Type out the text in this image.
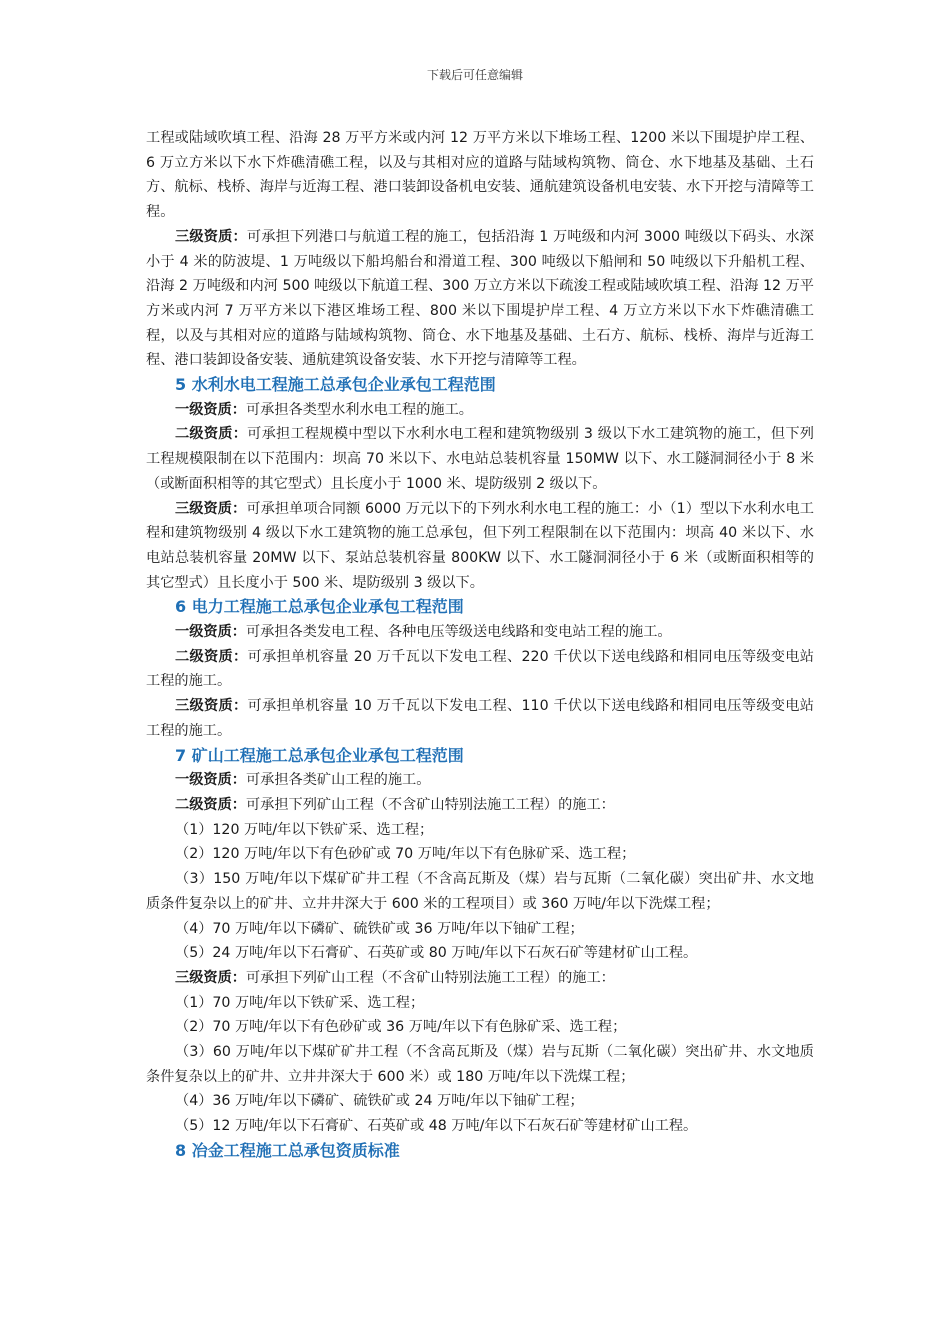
下载后可任意编辑

工程或陆域吹填工程、沿海 28 万平方米或内河 12 万平方米以下堆场工程、1200 米以下围堤护岸工程、6 万立方米以下水下炸礁清礁工程，以及与其相对应的道路与陆域构筑物、筒仓、水下地基及基础、土石方、航标、栈桥、海岸与近海工程、港口装卸设备机电安装、通航建筑设备机电安装、水下开挖与清障等工程。

三级资质：可承担下列港口与航道工程的施工，包括沿海 1 万吨级和内河 3000 吨级以下码头、水深小于 4 米的防波堤、1 万吨级以下船坞船台和滑道工程、300 吨级以下船闸和 50 吨级以下升船机工程、沿海 2 万吨级和内河 500 吨级以下航道工程、300 万立方米以下疏浚工程或陆域吹填工程、沿海 12 万平方米或内河 7 万平方米以下港区堆场工程、800 米以下围堤护岸工程、4 万立方米以下水下炸礁清礁工程，以及与其相对应的道路与陆域构筑物、筒仓、水下地基及基础、土石方、航标、栈桥、海岸与近海工程、港口装卸设备安装、通航建筑设备安装、水下开挖与清障等工程。

5 水利水电工程施工总承包企业承包工程范围

一级资质：可承担各类型水利水电工程的施工。

二级资质：可承担工程规模中型以下水利水电工程和建筑物级别 3 级以下水工建筑物的施工，但下列工程规模限制在以下范围内：坝高 70 米以下、水电站总装机容量 150MW 以下、水工隧洞洞径小于 8 米（或断面积相等的其它型式）且长度小于 1000 米、堤防级别 2 级以下。

三级资质：可承担单项合同额 6000 万元以下的下列水利水电工程的施工：小（1）型以下水利水电工程和建筑物级别 4 级以下水工建筑物的施工总承包，但下列工程限制在以下范围内：坝高 40 米以下、水电站总装机容量 20MW 以下、泵站总装机容量 800KW 以下、水工隧洞洞径小于 6 米（或断面积相等的其它型式）且长度小于 500 米、堤防级别 3 级以下。

6 电力工程施工总承包企业承包工程范围

一级资质：可承担各类发电工程、各种电压等级送电线路和变电站工程的施工。

二级资质：可承担单机容量 20 万千瓦以下发电工程、220 千伏以下送电线路和相同电压等级变电站工程的施工。

三级资质：可承担单机容量 10 万千瓦以下发电工程、110 千伏以下送电线路和相同电压等级变电站工程的施工。

7 矿山工程施工总承包企业承包工程范围

一级资质：可承担各类矿山工程的施工。

二级资质：可承担下列矿山工程（不含矿山特别法施工工程）的施工：

（1）120 万吨/年以下铁矿采、选工程；

（2）120 万吨/年以下有色砂矿或 70 万吨/年以下有色脉矿采、选工程；

（3）150 万吨/年以下煤矿矿井工程（不含高瓦斯及（煤）岩与瓦斯（二氧化碳）突出矿井、水文地质条件复杂以上的矿井、立井井深大于 600 米的工程项目）或 360 万吨/年以下洗煤工程；

（4）70 万吨/年以下磷矿、硫铁矿或 36 万吨/年以下铀矿工程；

（5）24 万吨/年以下石膏矿、石英矿或 80 万吨/年以下石灰石矿等建材矿山工程。

三级资质：可承担下列矿山工程（不含矿山特别法施工工程）的施工：

（1）70 万吨/年以下铁矿采、选工程；

（2）70 万吨/年以下有色砂矿或 36 万吨/年以下有色脉矿采、选工程；

（3）60 万吨/年以下煤矿矿井工程（不含高瓦斯及（煤）岩与瓦斯（二氧化碳）突出矿井、水文地质条件复杂以上的矿井、立井井深大于 600 米）或 180 万吨/年以下洗煤工程；

（4）36 万吨/年以下磷矿、硫铁矿或 24 万吨/年以下铀矿工程；

（5）12 万吨/年以下石膏矿、石英矿或 48 万吨/年以下石灰石矿等建材矿山工程。

8 冶金工程施工总承包资质标准
